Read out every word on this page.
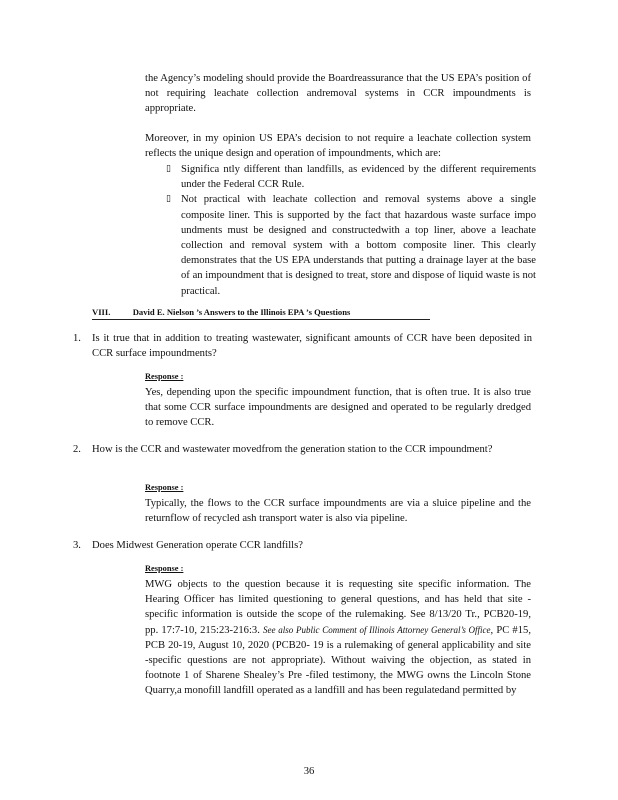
the Agency’s modeling should provide the Boardreassurance that the US EPA’s position of not requiring leachate collection andremoval systems in CCR impoundments is appropriate.

Moreover, in my opinion US EPA’s decision to not require a leachate collection system reflects the unique design and operation of impoundments, which are:

▯ Significa ntly different than landfills, as evidenced by the different requirements under the Federal CCR Rule.
▯ Not practical with leachate collection and removal systems above a single composite liner. This is supported by the fact that hazardous waste surface impo undments must be designed and constructedwith a top liner, above a leachate collection and removal system with a bottom composite liner. This clearly demonstrates that the US EPA understands that putting a drainage layer at the base of an impoundment that is designed to treat, store and dispose of liquid waste is not practical.
VIII.	David E. Nielson ’s Answers to the Illinois EPA ’s Questions
1. Is it true that in addition to treating wastewater, significant amounts of CCR have been deposited in CCR surface impoundments?
Response :
Yes, depending upon the specific impoundment function, that is often true. It is also true that some CCR surface impoundments are designed and operated to be regularly dredged to remove CCR.
2. How is the CCR and wastewater movedfrom the generation station to the CCR impoundment?
Response :
Typically, the flows to the CCR surface impoundments are via a sluice pipeline and the returnflow of recycled ash transport water is also via pipeline.
3. Does Midwest Generation operate CCR landfills?
Response :
MWG objects to the question because it is requesting site specific information. The Hearing Officer has limited questioning to general questions, and has held that site -specific information is outside the scope of the rulemaking. See 8/13/20 Tr., PCB20-19, pp. 17:7-10, 215:23-216:3. See also Public Comment of Illinois Attorney General’s Office, PC #15, PCB 20-19, August 10, 2020 (PCB20- 19 is a rulemaking of general applicability and site -specific questions are not appropriate). Without waiving the objection, as stated in footnote 1 of Sharene Shealey’s Pre -filed testimony, the MWG owns the Lincoln Stone Quarry,a monofill landfill operated as a landfill and has been regulatedand permitted by
36
